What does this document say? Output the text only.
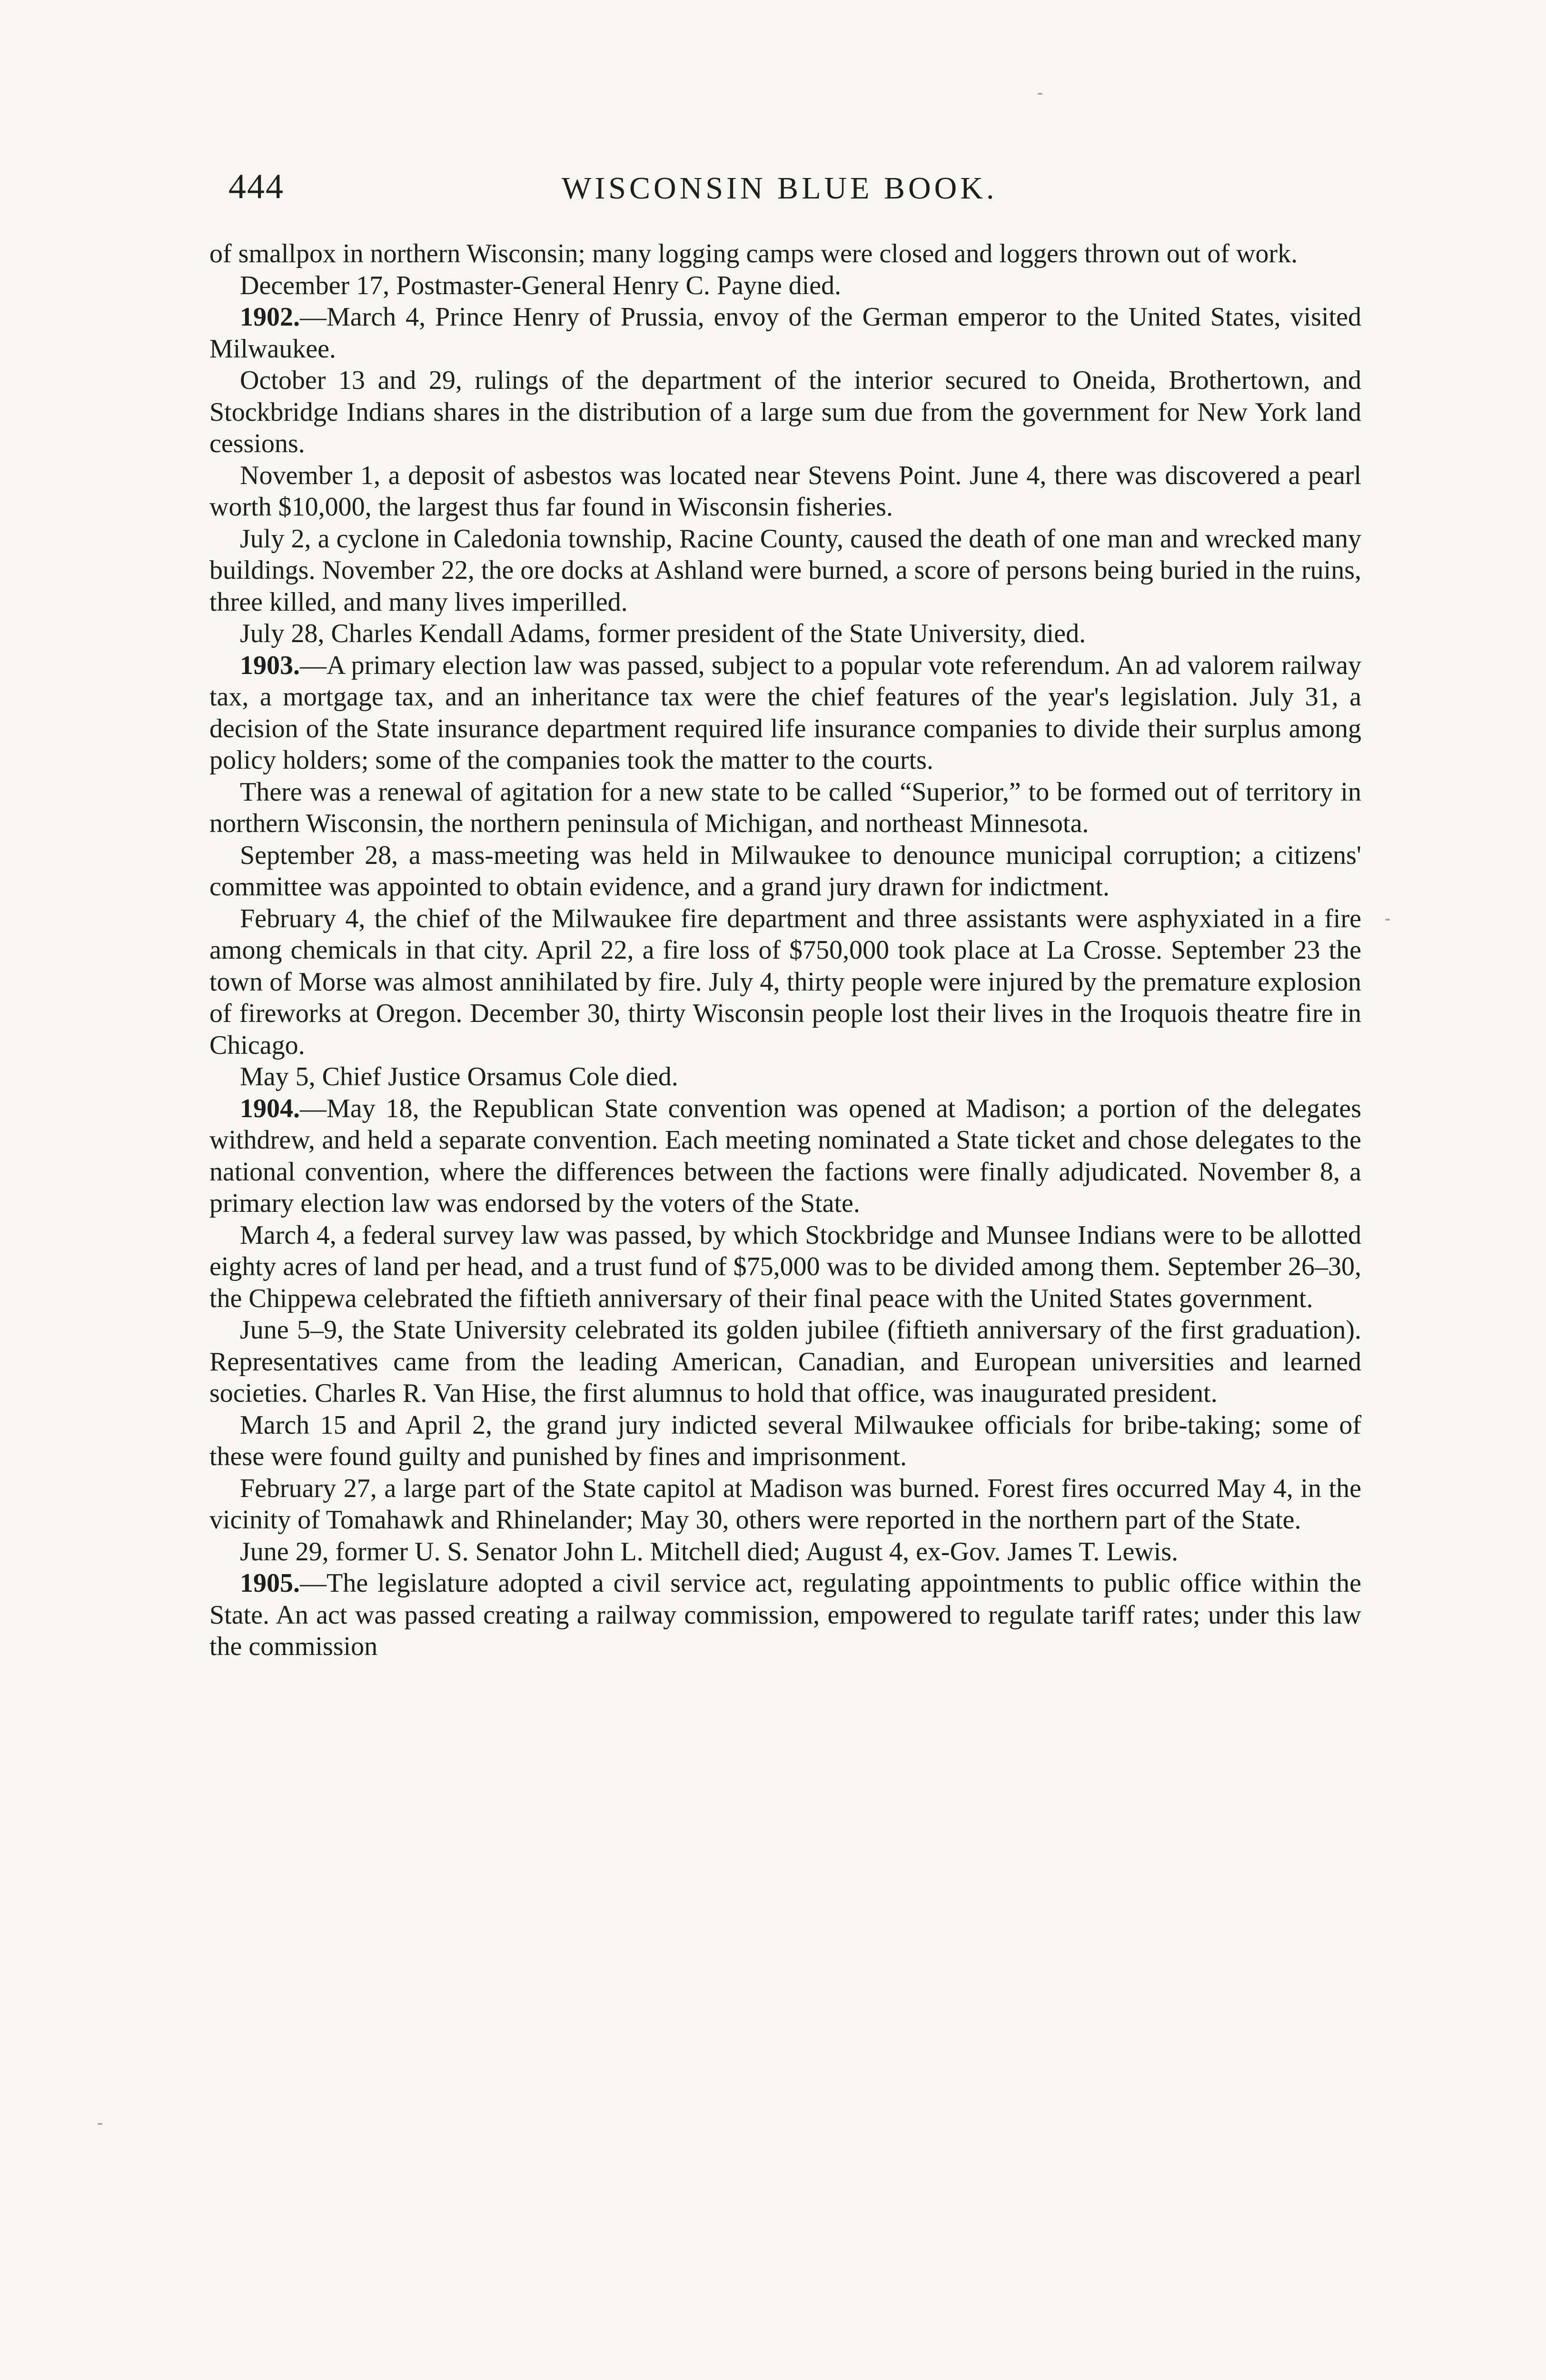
444	WISCONSIN BLUE BOOK.

of smallpox in northern Wisconsin; many logging camps were closed and loggers thrown out of work.

December 17, Postmaster-General Henry C. Payne died.

1902.—March 4, Prince Henry of Prussia, envoy of the German emperor to the United States, visited Milwaukee.

October 13 and 29, rulings of the department of the interior secured to Oneida, Brothertown, and Stockbridge Indians shares in the distribution of a large sum due from the government for New York land cessions.

November 1, a deposit of asbestos was located near Stevens Point. June 4, there was discovered a pearl worth $10,000, the largest thus far found in Wisconsin fisheries.

July 2, a cyclone in Caledonia township, Racine County, caused the death of one man and wrecked many buildings. November 22, the ore docks at Ashland were burned, a score of persons being buried in the ruins, three killed, and many lives imperilled.

July 28, Charles Kendall Adams, former president of the State University, died.

1903.—A primary election law was passed, subject to a popular vote referendum. An ad valorem railway tax, a mortgage tax, and an inheritance tax were the chief features of the year's legislation. July 31, a decision of the State insurance department required life insurance companies to divide their surplus among policy holders; some of the companies took the matter to the courts.

There was a renewal of agitation for a new state to be called “Superior,” to be formed out of territory in northern Wisconsin, the northern peninsula of Michigan, and northeast Minnesota.

September 28, a mass-meeting was held in Milwaukee to denounce municipal corruption; a citizens' committee was appointed to obtain evidence, and a grand jury drawn for indictment.

February 4, the chief of the Milwaukee fire department and three assistants were asphyxiated in a fire among chemicals in that city. April 22, a fire loss of $750,000 took place at La Crosse. September 23 the town of Morse was almost annihilated by fire. July 4, thirty people were injured by the premature explosion of fireworks at Oregon. December 30, thirty Wisconsin people lost their lives in the Iroquois theatre fire in Chicago.

May 5, Chief Justice Orsamus Cole died.

1904.—May 18, the Republican State convention was opened at Madison; a portion of the delegates withdrew, and held a separate convention. Each meeting nominated a State ticket and chose delegates to the national convention, where the differences between the factions were finally adjudicated. November 8, a primary election law was endorsed by the voters of the State.

March 4, a federal survey law was passed, by which Stockbridge and Munsee Indians were to be allotted eighty acres of land per head, and a trust fund of $75,000 was to be divided among them. September 26–30, the Chippewa celebrated the fiftieth anniversary of their final peace with the United States government.

June 5–9, the State University celebrated its golden jubilee (fiftieth anniversary of the first graduation). Representatives came from the leading American, Canadian, and European universities and learned societies. Charles R. Van Hise, the first alumnus to hold that office, was inaugurated president.

March 15 and April 2, the grand jury indicted several Milwaukee officials for bribe-taking; some of these were found guilty and punished by fines and imprisonment.

February 27, a large part of the State capitol at Madison was burned. Forest fires occurred May 4, in the vicinity of Tomahawk and Rhinelander; May 30, others were reported in the northern part of the State.

June 29, former U. S. Senator John L. Mitchell died; August 4, ex-Gov. James T. Lewis.

1905.—The legislature adopted a civil service act, regulating appointments to public office within the State. An act was passed creating a railway commission, empowered to regulate tariff rates; under this law the commission
